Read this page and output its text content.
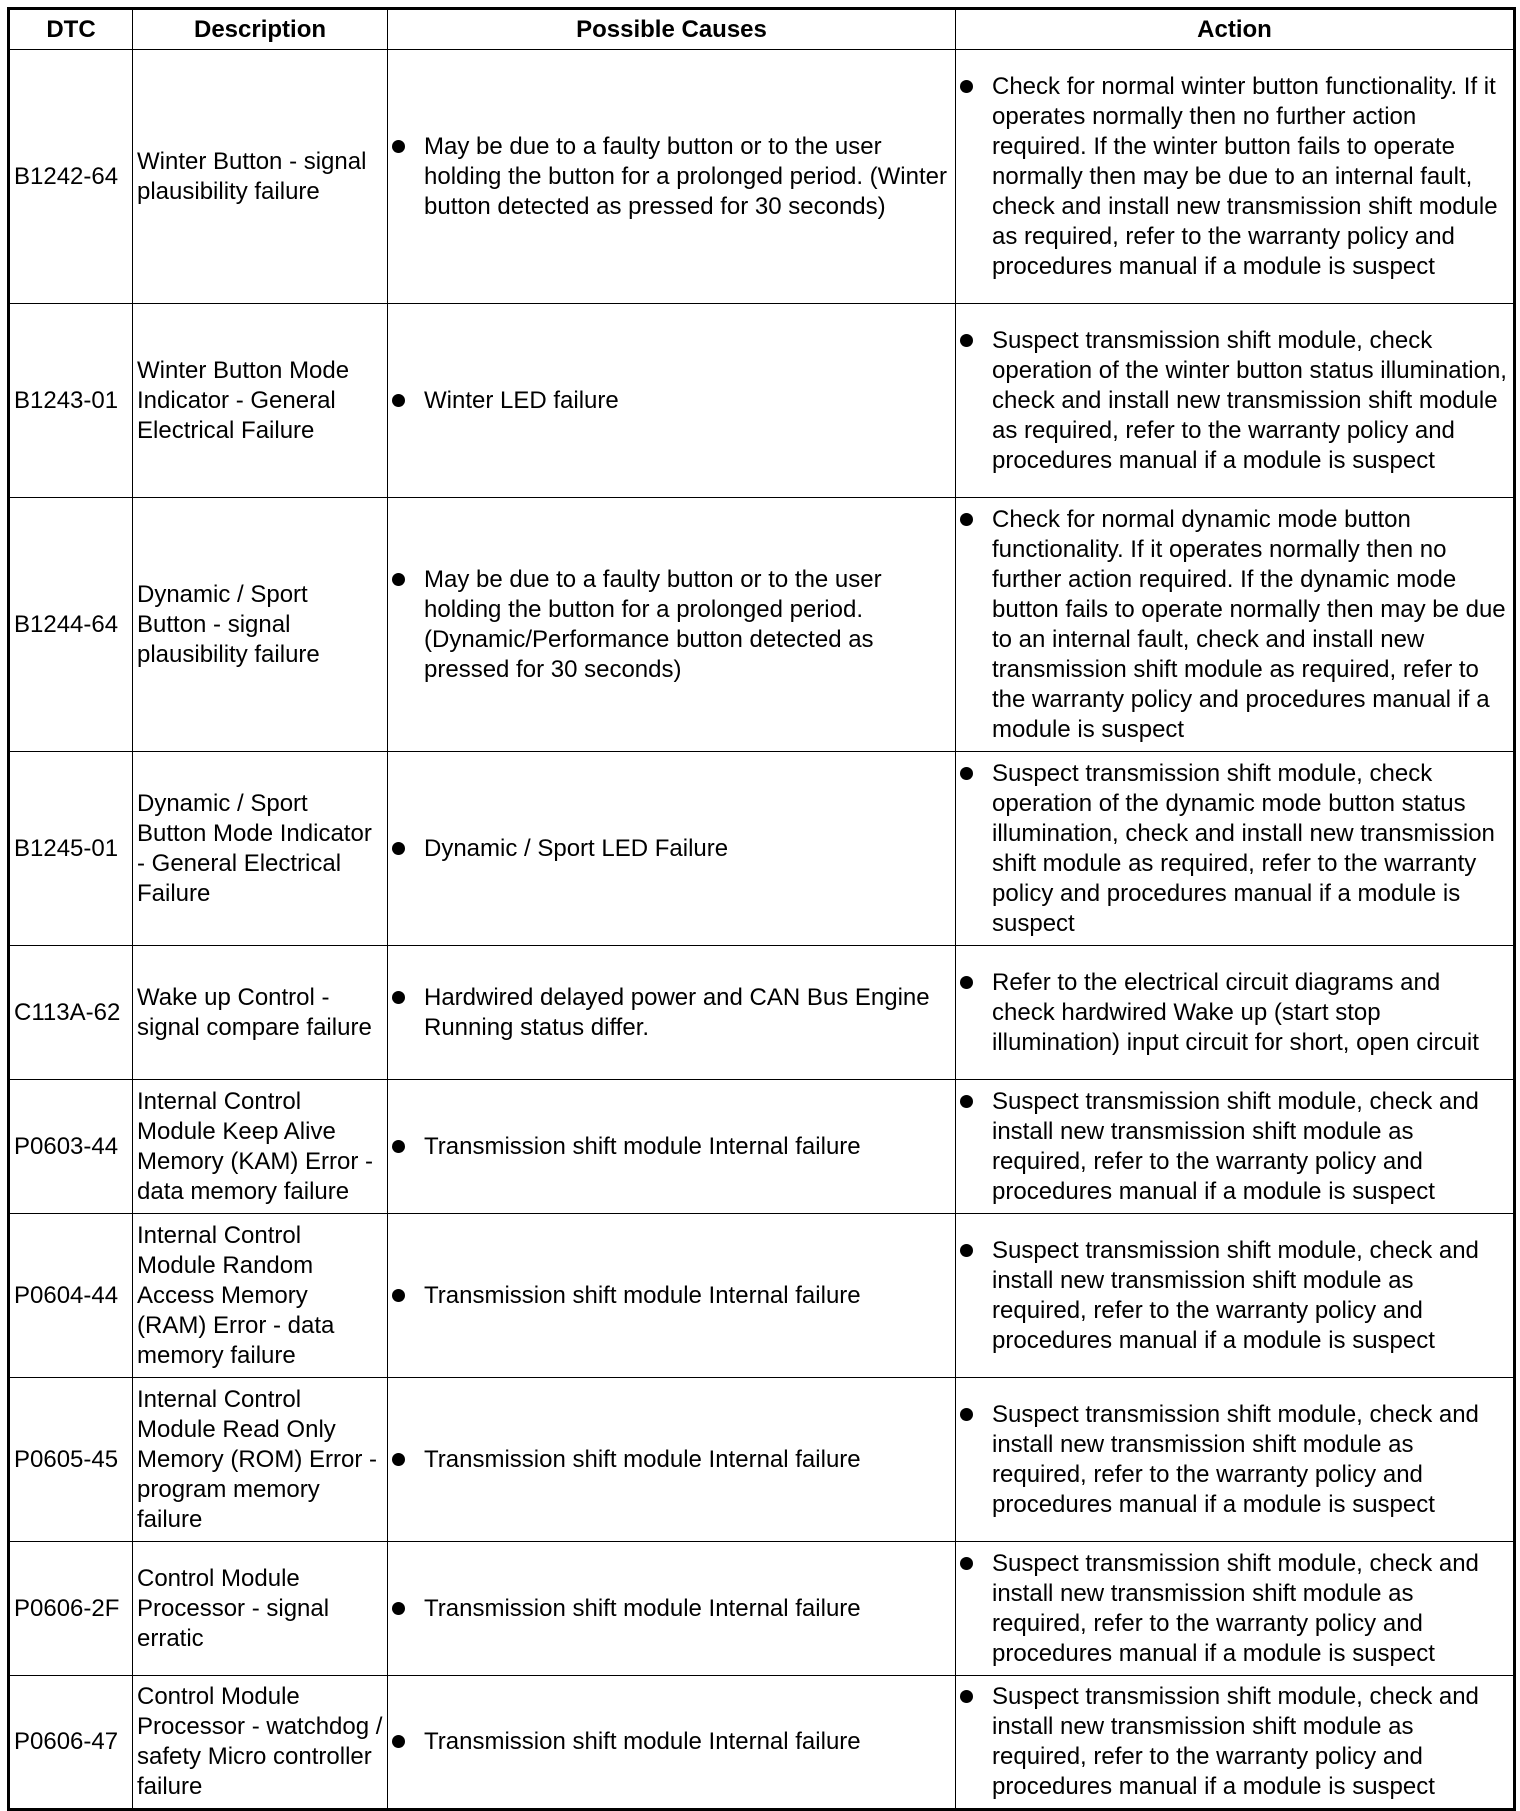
DTC	Description	Possible Causes	Action
B1242-64	Winter Button - signal plausibility failure	May be due to a faulty button or to the user holding the button for a prolonged period. (Winter button detected as pressed for 30 seconds)	Check for normal winter button functionality. If it operates normally then no further action required. If the winter button fails to operate normally then may be due to an internal fault, check and install new transmission shift module as required, refer to the warranty policy and procedures manual if a module is suspect

B1243-01	Winter Button Mode Indicator - General Electrical Failure	Winter LED failure	Suspect transmission shift module, check operation of the winter button status illumination, check and install new transmission shift module as required, refer to the warranty policy and procedures manual if a module is suspect

B1244-64	Dynamic / Sport Button - signal plausibility failure	May be due to a faulty button or to the user holding the button for a prolonged period. (Dynamic/Performance button detected as pressed for 30 seconds)	Check for normal dynamic mode button functionality. If it operates normally then no further action required. If the dynamic mode button fails to operate normally then may be due to an internal fault, check and install new transmission shift module as required, refer to the warranty policy and procedures manual if a module is suspect

B1245-01	Dynamic / Sport Button Mode Indicator - General Electrical Failure	Dynamic / Sport LED Failure	Suspect transmission shift module, check operation of the dynamic mode button status illumination, check and install new transmission shift module as required, refer to the warranty policy and procedures manual if a module is suspect

C113A-62	Wake up Control - signal compare failure	Hardwired delayed power and CAN Bus Engine Running status differ.	Refer to the electrical circuit diagrams and check hardwired Wake up (start stop illumination) input circuit for short, open circuit

P0603-44	Internal Control Module Keep Alive Memory (KAM) Error - data memory failure	Transmission shift module Internal failure	Suspect transmission shift module, check and install new transmission shift module as required, refer to the warranty policy and procedures manual if a module is suspect

P0604-44	Internal Control Module Random Access Memory (RAM) Error - data memory failure	Transmission shift module Internal failure	Suspect transmission shift module, check and install new transmission shift module as required, refer to the warranty policy and procedures manual if a module is suspect

P0605-45	Internal Control Module Read Only Memory (ROM) Error - program memory failure	Transmission shift module Internal failure	Suspect transmission shift module, check and install new transmission shift module as required, refer to the warranty policy and procedures manual if a module is suspect

P0606-2F	Control Module Processor - signal erratic	Transmission shift module Internal failure	Suspect transmission shift module, check and install new transmission shift module as required, refer to the warranty policy and procedures manual if a module is suspect

P0606-47	Control Module Processor - watchdog / safety Micro controller failure	Transmission shift module Internal failure	Suspect transmission shift module, check and install new transmission shift module as required, refer to the warranty policy and procedures manual if a module is suspect
